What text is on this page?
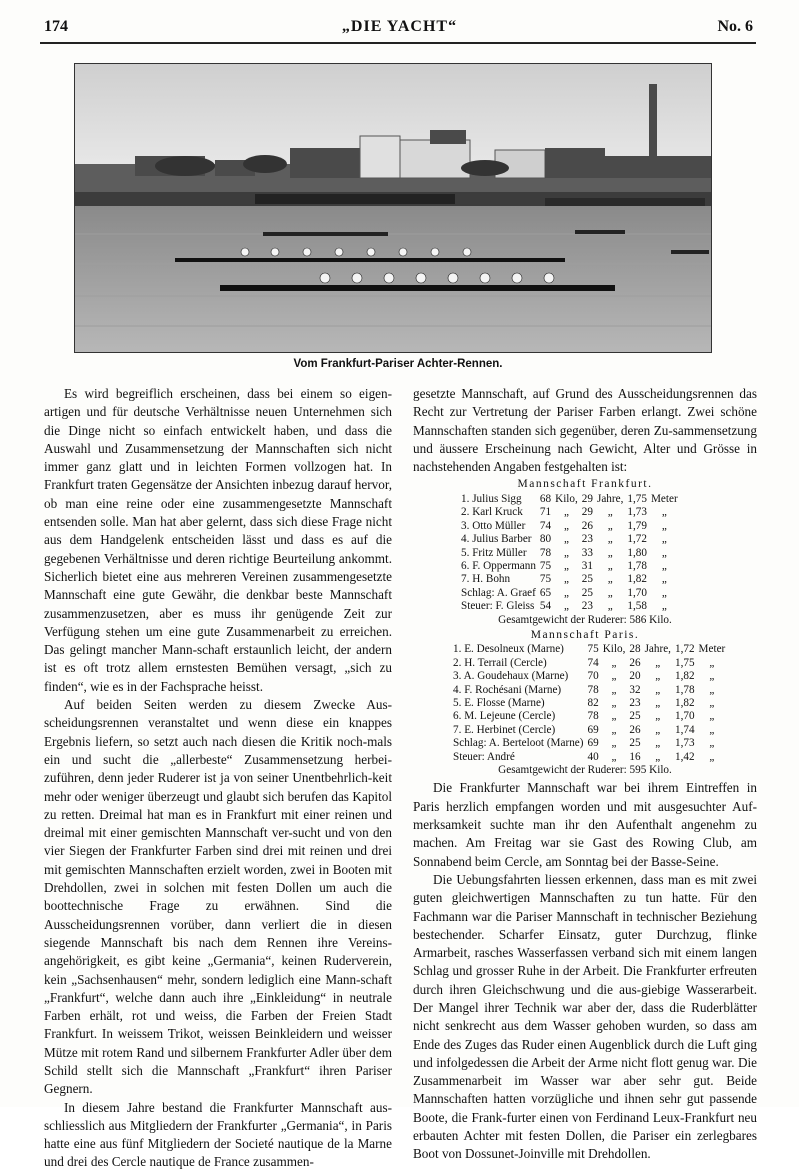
174	„DIE YACHT“	No. 6
Vom Frankfurt-Pariser Achter-Rennen.

Es wird begreiflich erscheinen, dass bei einem so eigen-artigen und für deutsche Verhältnisse neuen Unternehmen sich die Dinge nicht so einfach entwickelt haben, und dass die Auswahl und Zusammensetzung der Mannschaften sich nicht immer ganz glatt und in leichten Formen vollzogen hat. In Frankfurt traten Gegensätze der Ansichten inbezug darauf hervor, ob man eine reine oder eine zusammengesetzte Mannschaft entsenden solle. Man hat aber gelernt, dass sich diese Frage nicht aus dem Handgelenk entscheiden lässt und dass es auf die gegebenen Verhältnisse und deren richtige Beurteilung ankommt. Sicherlich bietet eine aus mehreren Vereinen zusammengesetzte Mannschaft eine gute Gewähr, die denkbar beste Mannschaft zusammenzusetzen, aber es muss ihr genügende Zeit zur Verfügung stehen um eine gute Zusammenarbeit zu erreichen. Das gelingt mancher Mann-schaft erstaunlich leicht, der andern ist es oft trotz allem ernstesten Bemühen versagt, „sich zu finden“, wie es in der Fachsprache heisst.

Auf beiden Seiten werden zu diesem Zwecke Aus-scheidungsrennen veranstaltet und wenn diese ein knappes Ergebnis liefern, so setzt auch nach diesen die Kritik noch-mals ein und sucht die „allerbeste“ Zusammensetzung herbei-zuführen, denn jeder Ruderer ist ja von seiner Unentbehrlich-keit mehr oder weniger überzeugt und glaubt sich berufen das Kapitol zu retten. Dreimal hat man es in Frankfurt mit einer reinen und dreimal mit einer gemischten Mannschaft ver-sucht und von den vier Siegen der Frankfurter Farben sind drei mit reinen und drei mit gemischten Mannschaften erzielt worden, zwei in Booten mit Drehdollen, zwei in solchen mit festen Dollen um auch die boottechnische Frage zu erwähnen. Sind die Ausscheidungsrennen vorüber, dann verliert die in diesen siegende Mannschaft bis nach dem Rennen ihre Vereins-angehörigkeit, es gibt keine „Germania“, keinen Ruderverein, kein „Sachsenhausen“ mehr, sondern lediglich eine Mann-schaft „Frankfurt“, welche dann auch ihre „Einkleidung“ in neutrale Farben erhält, rot und weiss, die Farben der Freien Stadt Frankfurt. In weissem Trikot, weissen Beinkleidern und weisser Mütze mit rotem Rand und silbernem Frankfurter Adler über dem Schild stellt sich die Mannschaft „Frankfurt“ ihren Pariser Gegnern.

In diesem Jahre bestand die Frankfurter Mannschaft aus-schliesslich aus Mitgliedern der Frankfurter „Germania“, in Paris hatte eine aus fünf Mitgliedern der Societé nautique de la Marne und drei des Cercle nautique de France zusammen-

gesetzte Mannschaft, auf Grund des Ausscheidungsrennen das Recht zur Vertretung der Pariser Farben erlangt. Zwei schöne Mannschaften standen sich gegenüber, deren Zu-sammensetzung und äussere Erscheinung nach Gewicht, Alter und Grösse in nachstehenden Angaben festgehalten ist:

Mannschaft Frankfurt.
1. Julius Sigg	68	Kilo,	29	Jahre,	1,75	Meter
2. Karl Kruck	71	„	29	„	1,73	„
3. Otto Müller	74	„	26	„	1,79	„
4. Julius Barber	80	„	23	„	1,72	„
5. Fritz Müller	78	„	33	„	1,80	„
6. F. Oppermann	75	„	31	„	1,78	„
7. H. Bohn	75	„	25	„	1,82	„
Schlag: A. Graef	65	„	25	„	1,70	„
Steuer: F. Gleiss	54	„	23	„	1,58	„
Gesamtgewicht der Ruderer: 586 Kilo.
Mannschaft Paris.
1. E. Desolneux (Marne)	75	Kilo,	28	Jahre,	1,72	Meter
2. H. Terrail (Cercle)	74	„	26	„	1,75	„
3. A. Goudehaux (Marne)	70	„	20	„	1,82	„
4. F. Rochésani (Marne)	78	„	32	„	1,78	„
5. E. Flosse (Marne)	82	„	23	„	1,82	„
6. M. Lejeune (Cercle)	78	„	25	„	1,70	„
7. E. Herbinet (Cercle)	69	„	26	„	1,74	„
Schlag: A. Berteloot (Marne)	69	„	25	„	1,73	„
Steuer: André	40	„	16	„	1,42	„
Gesamtgewicht der Ruderer: 595 Kilo.

Die Frankfurter Mannschaft war bei ihrem Eintreffen in Paris herzlich empfangen worden und mit ausgesuchter Auf-merksamkeit suchte man ihr den Aufenthalt angenehm zu machen. Am Freitag war sie Gast des Rowing Club, am Sonnabend beim Cercle, am Sonntag bei der Basse-Seine.

Die Uebungsfahrten liessen erkennen, dass man es mit zwei guten gleichwertigen Mannschaften zu tun hatte. Für den Fachmann war die Pariser Mannschaft in technischer Beziehung bestechender. Scharfer Einsatz, guter Durchzug, flinke Armarbeit, rasches Wasserfassen verband sich mit einem langen Schlag und grosser Ruhe in der Arbeit. Die Frankfurter erfreuten durch ihren Gleichschwung und die aus-giebige Wasserarbeit. Der Mangel ihrer Technik war aber der, dass die Ruderblätter nicht senkrecht aus dem Wasser gehoben wurden, so dass am Ende des Zuges das Ruder einen Augenblick durch die Luft ging und infolgedessen die Arbeit der Arme nicht flott genug war. Die Zusammenarbeit im Wasser war aber sehr gut. Beide Mannschaften hatten vorzügliche und ihnen sehr gut passende Boote, die Frank-furter einen von Ferdinand Leux-Frankfurt neu erbauten Achter mit festen Dollen, die Pariser ein zerlegbares Boot von Dossunet-Joinville mit Drehdollen.
